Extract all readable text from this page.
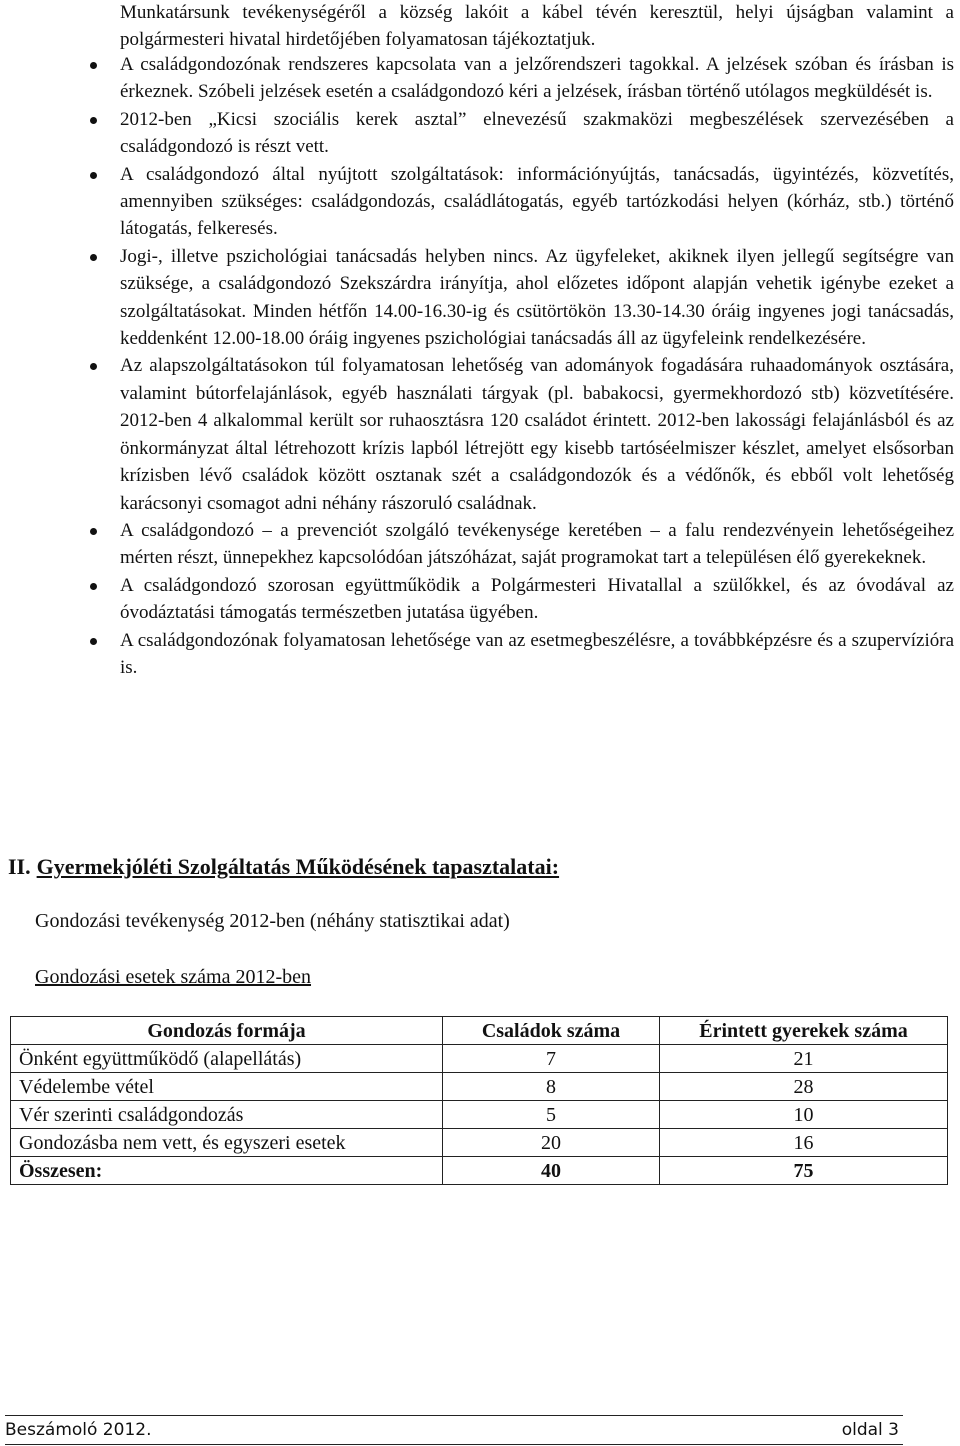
Munkatársunk tevékenységéről a község lakóit a kábel tévén keresztül, helyi újságban valamint a polgármesteri hivatal hirdetőjében folyamatosan tájékoztatjuk.
A családgondozónak rendszeres kapcsolata van a jelzőrendszeri tagokkal. A jelzések szóban és írásban is érkeznek. Szóbeli jelzések esetén a családgondozó kéri a jelzések, írásban történő utólagos megküldését is.
2012-ben „Kicsi szociális kerek asztal” elnevezésű szakmaközi megbeszélések szervezésében a családgondozó is részt vett.
A családgondozó által nyújtott szolgáltatások: információnyújtás, tanácsadás, ügyintézés, közvetítés, amennyiben szükséges: családgondozás, családlátogatás, egyéb tartózkodási helyen (kórház, stb.) történő látogatás, felkeresés.
Jogi-, illetve pszichológiai tanácsadás helyben nincs. Az ügyfeleket, akiknek ilyen jellegű segítségre van szüksége, a családgondozó Szekszárdra irányítja, ahol előzetes időpont alapján vehetik igénybe ezeket a szolgáltatásokat. Minden hétfőn 14.00-16.30-ig és csütörtökön 13.30-14.30 óráig ingyenes jogi tanácsadás, keddenként 12.00-18.00 óráig ingyenes pszichológiai tanácsadás áll az ügyfeleink rendelkezésére.
Az alapszolgáltatásokon túl folyamatosan lehetőség van adományok fogadására ruhaadományok osztására, valamint bútorfelajánlások, egyéb használati tárgyak (pl. babakocsi, gyermekhordozó stb) közvetítésére. 2012-ben 4 alkalommal került sor ruhaosztásra 120 családot érintett. 2012-ben lakossági felajánlásból és az önkormányzat által létrehozott krízis lapból létrejött egy kisebb tartóséelmiszer készlet, amelyet elsősorban krízisben lévő családok között osztanak szét a családgondozók és a védőnők, és ebből volt lehetőség karácsonyi csomagot adni néhány rászoruló családnak.
A családgondozó – a prevenciót szolgáló tevékenysége keretében – a falu rendezvényein lehetőségeihez mérten részt, ünnepekhez kapcsolódóan játszóházat, saját programokat tart a településen élő gyerekeknek.
A családgondozó szorosan együttműködik a Polgármesteri Hivatallal a szülőkkel, és az óvodával az óvodáztatási támogatás természetben jutatása ügyében.
A családgondozónak folyamatosan lehetősége van az esetmegbeszélésre, a továbbképzésre és a szupervízióra is.
II. Gyermekjóléti Szolgáltatás Működésének tapasztalatai:
Gondozási tevékenység 2012-ben (néhány statisztikai adat)
Gondozási esetek száma 2012-ben
Gondozás formája	Családok száma	Érintett gyerekek száma
Önként együttműködő (alapellátás)	7	21
Védelembe vétel	8	28
Vér szerinti családgondozás	5	10
Gondozásba nem vett, és egyszeri esetek	20	16
Összesen:	40	75
Beszámoló 2012.	oldal 3
